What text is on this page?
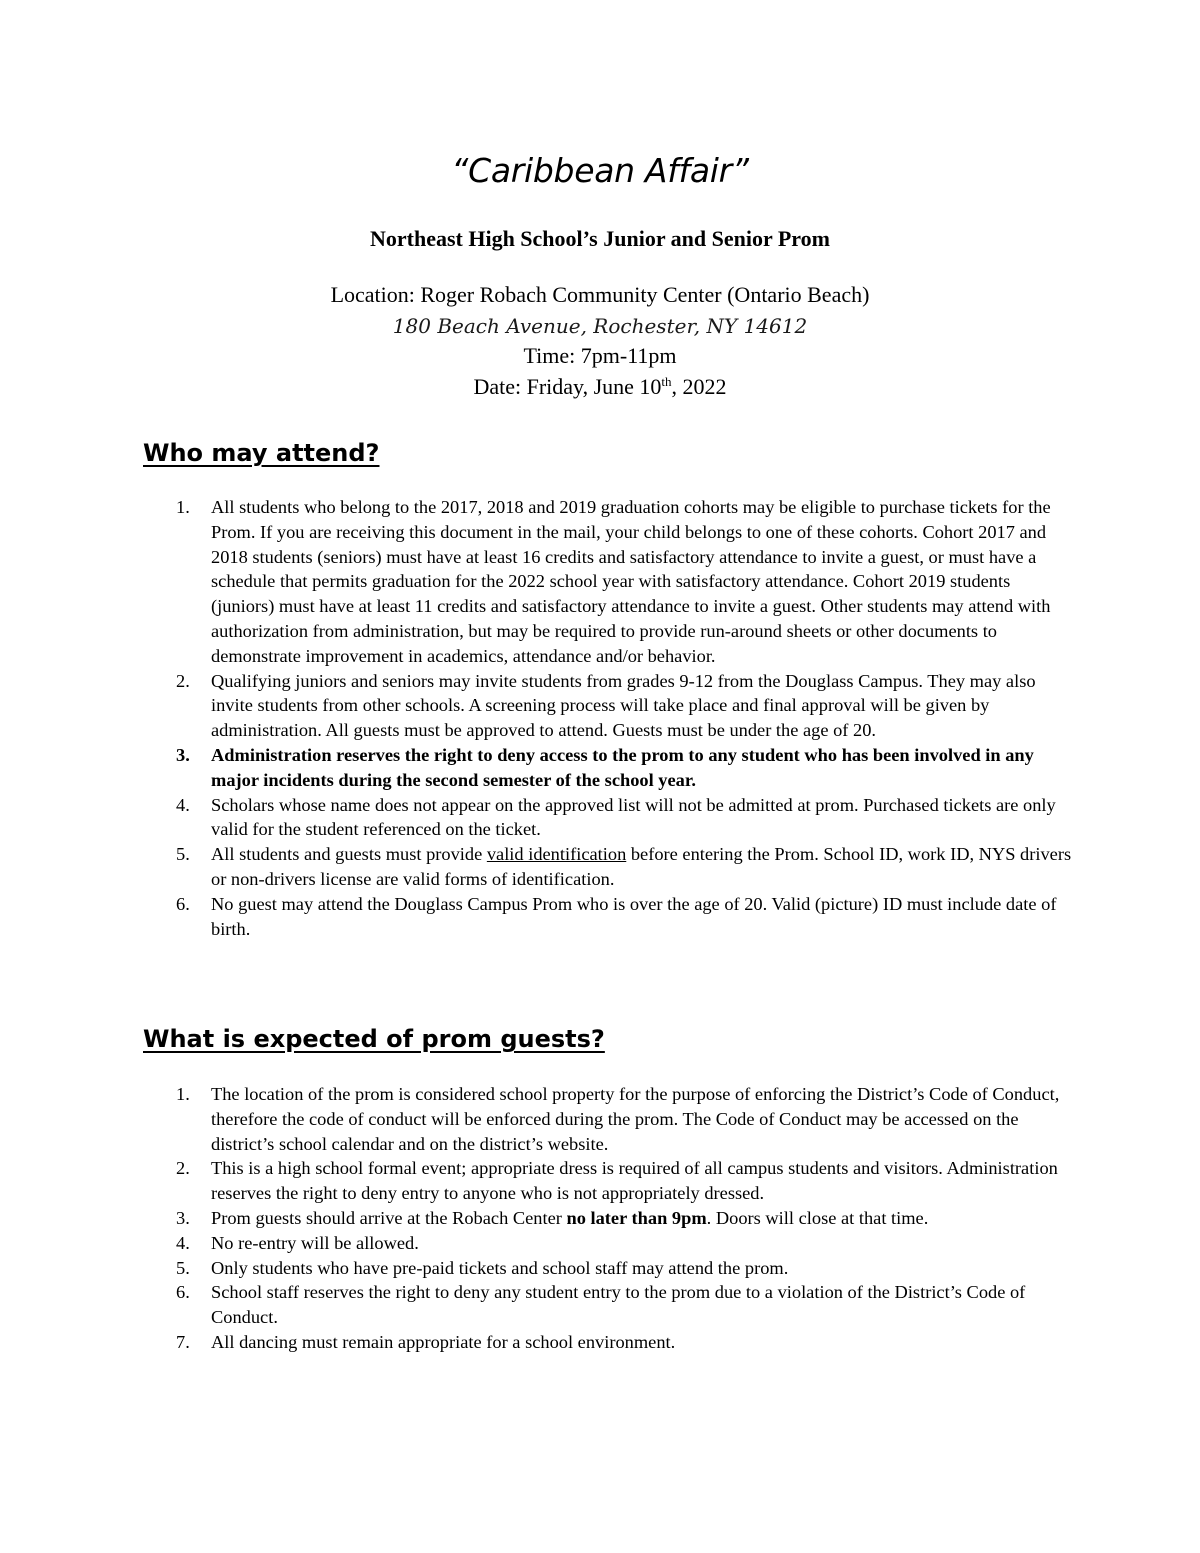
“Caribbean Affair”
Northeast High School’s Junior and Senior Prom
Location: Roger Robach Community Center (Ontario Beach)
180 Beach Avenue, Rochester, NY 14612
Time: 7pm-11pm
Date: Friday, June 10th, 2022
Who may attend?
1. All students who belong to the 2017, 2018 and 2019 graduation cohorts may be eligible to purchase tickets for the Prom. If you are receiving this document in the mail, your child belongs to one of these cohorts. Cohort 2017 and 2018 students (seniors) must have at least 16 credits and satisfactory attendance to invite a guest, or must have a schedule that permits graduation for the 2022 school year with satisfactory attendance. Cohort 2019 students (juniors) must have at least 11 credits and satisfactory attendance to invite a guest. Other students may attend with authorization from administration, but may be required to provide run-around sheets or other documents to demonstrate improvement in academics, attendance and/or behavior.
2. Qualifying juniors and seniors may invite students from grades 9-12 from the Douglass Campus. They may also invite students from other schools. A screening process will take place and final approval will be given by administration. All guests must be approved to attend. Guests must be under the age of 20.
3. Administration reserves the right to deny access to the prom to any student who has been involved in any major incidents during the second semester of the school year.
4. Scholars whose name does not appear on the approved list will not be admitted at prom. Purchased tickets are only valid for the student referenced on the ticket.
5. All students and guests must provide valid identification before entering the Prom. School ID, work ID, NYS drivers or non-drivers license are valid forms of identification.
6. No guest may attend the Douglass Campus Prom who is over the age of 20. Valid (picture) ID must include date of birth.
What is expected of prom guests?
1. The location of the prom is considered school property for the purpose of enforcing the District’s Code of Conduct, therefore the code of conduct will be enforced during the prom. The Code of Conduct may be accessed on the district’s school calendar and on the district’s website.
2. This is a high school formal event; appropriate dress is required of all campus students and visitors. Administration reserves the right to deny entry to anyone who is not appropriately dressed.
3. Prom guests should arrive at the Robach Center no later than 9pm. Doors will close at that time.
4. No re-entry will be allowed.
5. Only students who have pre-paid tickets and school staff may attend the prom.
6. School staff reserves the right to deny any student entry to the prom due to a violation of the District’s Code of Conduct.
7. All dancing must remain appropriate for a school environment.
